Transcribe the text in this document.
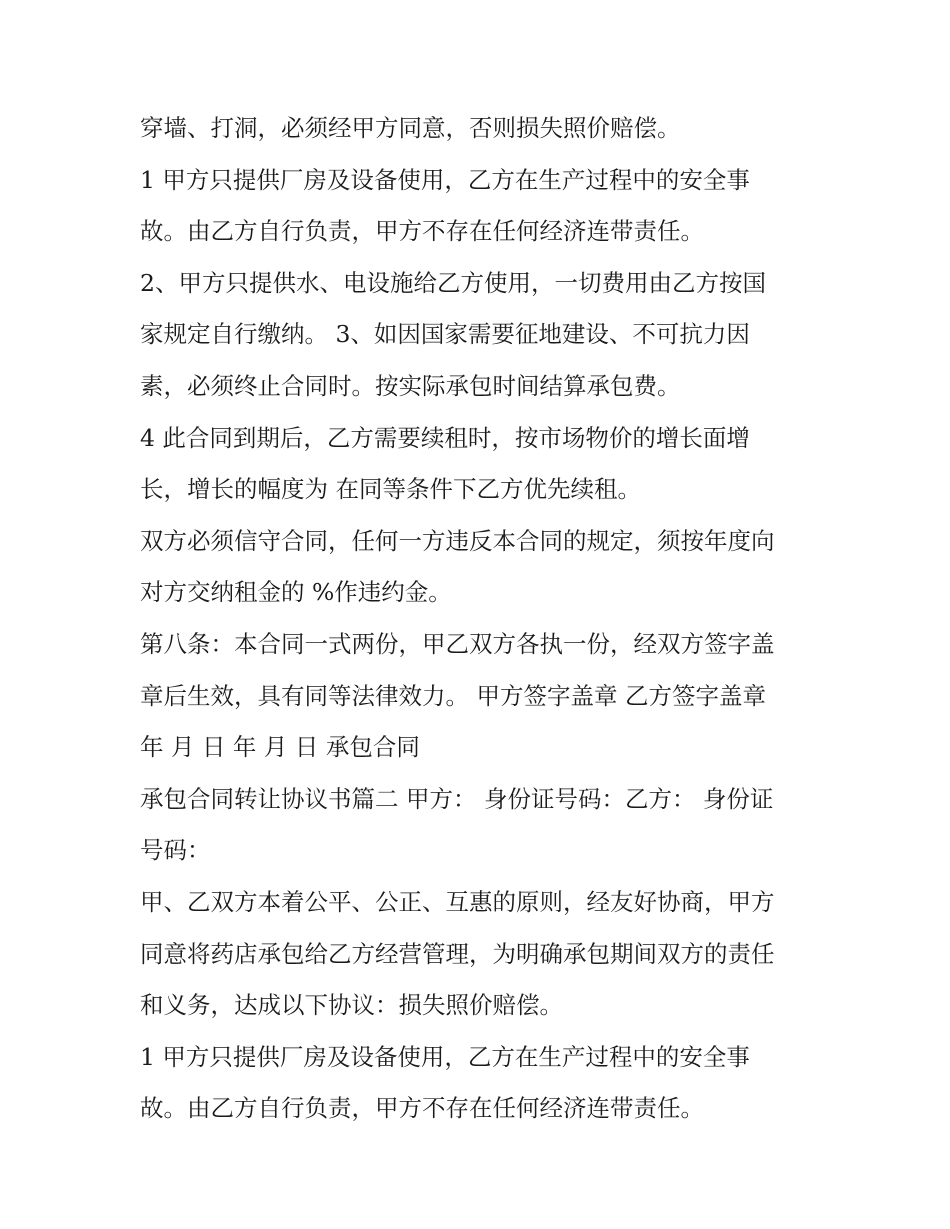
穿墙、打洞，必须经甲方同意，否则损失照价赔偿。
1 甲方只提供厂房及设备使用，乙方在生产过程中的安全事
故。由乙方自行负责，甲方不存在任何经济连带责任。
2、甲方只提供水、电设施给乙方使用，一切费用由乙方按国
家规定自行缴纳。 3、如因国家需要征地建设、不可抗力因
素，必须终止合同时。按实际承包时间结算承包费。
4 此合同到期后，乙方需要续租时，按市场物价的增长面增
长，增长的幅度为 在同等条件下乙方优先续租。
双方必须信守合同，任何一方违反本合同的规定，须按年度向
对方交纳租金的 %作违约金。
第八条：本合同一式两份，甲乙双方各执一份，经双方签字盖
章后生效，具有同等法律效力。 甲方签字盖章 乙方签字盖章
年 月 日 年 月 日 承包合同
承包合同转让协议书篇二 甲方： 身份证号码：乙方： 身份证
号码：
甲、乙双方本着公平、公正、互惠的原则，经友好协商，甲方
同意将药店承包给乙方经营管理，为明确承包期间双方的责任
和义务，达成以下协议：损失照价赔偿。
1 甲方只提供厂房及设备使用，乙方在生产过程中的安全事
故。由乙方自行负责，甲方不存在任何经济连带责任。
